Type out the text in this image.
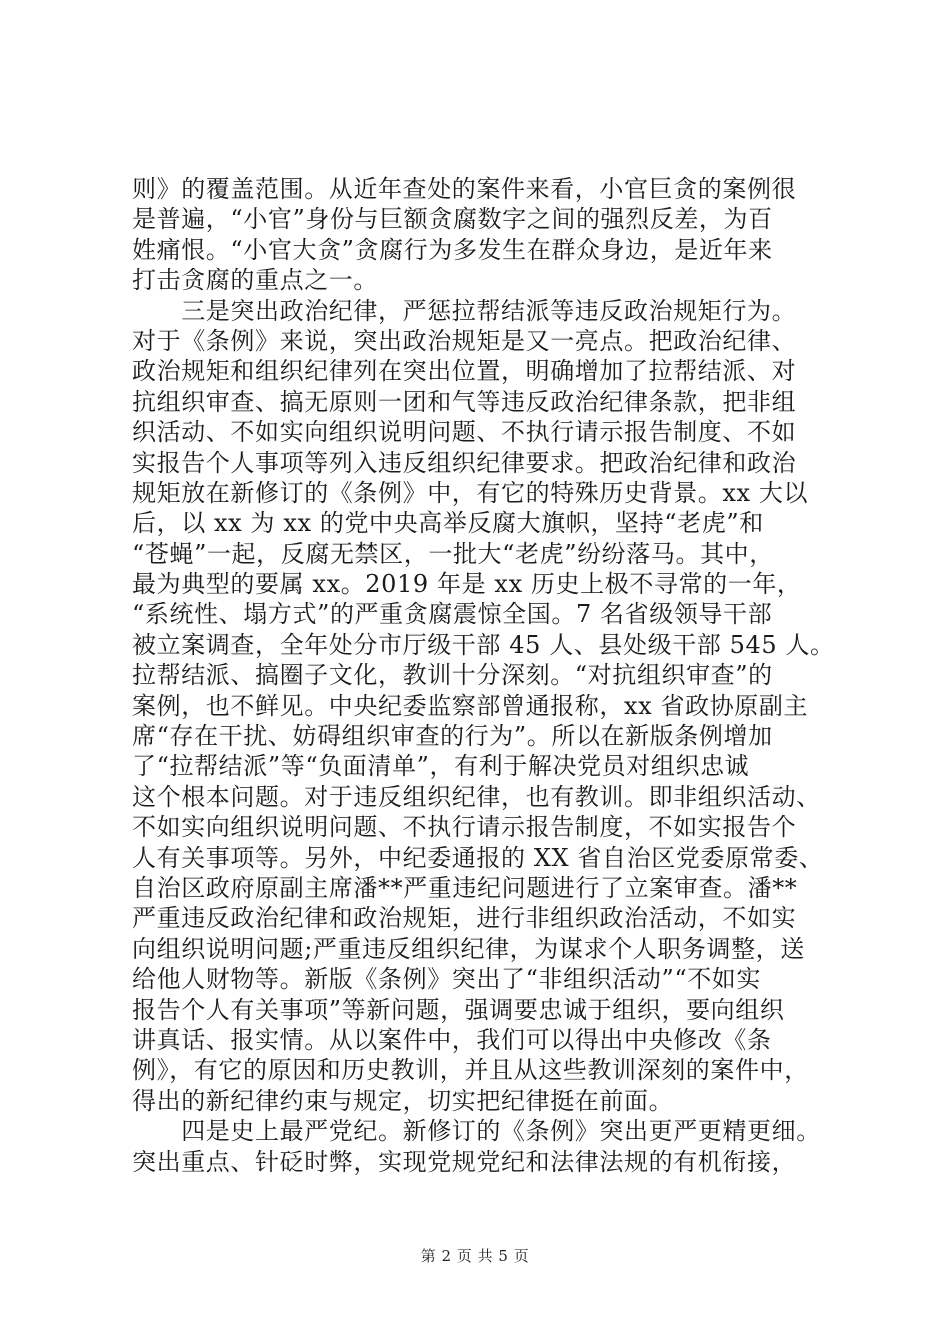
则》的覆盖范围。从近年查处的案件来看，小官巨贪的案例很
是普遍，“小官”身份与巨额贪腐数字之间的强烈反差，为百
姓痛恨。“小官大贪”贪腐行为多发生在群众身边，是近年来
打击贪腐的重点之一。
　　三是突出政治纪律，严惩拉帮结派等违反政治规矩行为。
对于《条例》来说，突出政治规矩是又一亮点。把政治纪律、
政治规矩和组织纪律列在突出位置，明确增加了拉帮结派、对
抗组织审查、搞无原则一团和气等违反政治纪律条款，把非组
织活动、不如实向组织说明问题、不执行请示报告制度、不如
实报告个人事项等列入违反组织纪律要求。把政治纪律和政治
规矩放在新修订的《条例》中，有它的特殊历史背景。xx 大以
后，以 xx 为 xx 的党中央高举反腐大旗帜，坚持“老虎”和
“苍蝇”一起，反腐无禁区，一批大“老虎”纷纷落马。其中，
最为典型的要属 xx。2019 年是 xx 历史上极不寻常的一年，
“系统性、塌方式”的严重贪腐震惊全国。7 名省级领导干部
被立案调查，全年处分市厅级干部 45 人、县处级干部 545 人。
拉帮结派、搞圈子文化，教训十分深刻。“对抗组织审查”的
案例，也不鲜见。中央纪委监察部曾通报称，xx 省政协原副主
席“存在干扰、妨碍组织审查的行为”。所以在新版条例增加
了“拉帮结派”等“负面清单”，有利于解决党员对组织忠诚
这个根本问题。对于违反组织纪律，也有教训。即非组织活动、
不如实向组织说明问题、不执行请示报告制度，不如实报告个
人有关事项等。另外，中纪委通报的 XX 省自治区党委原常委、
自治区政府原副主席潘**严重违纪问题进行了立案审查。潘**
严重违反政治纪律和政治规矩，进行非组织政治活动，不如实
向组织说明问题;严重违反组织纪律，为谋求个人职务调整，送
给他人财物等。新版《条例》突出了“非组织活动”“不如实
报告个人有关事项”等新问题，强调要忠诚于组织，要向组织
讲真话、报实情。从以案件中，我们可以得出中央修改《条
例》，有它的原因和历史教训，并且从这些教训深刻的案件中，
得出的新纪律约束与规定，切实把纪律挺在前面。
　　四是史上最严党纪。新修订的《条例》突出更严更精更细。
突出重点、针砭时弊，实现党规党纪和法律法规的有机衔接，
第 2 页 共 5 页
